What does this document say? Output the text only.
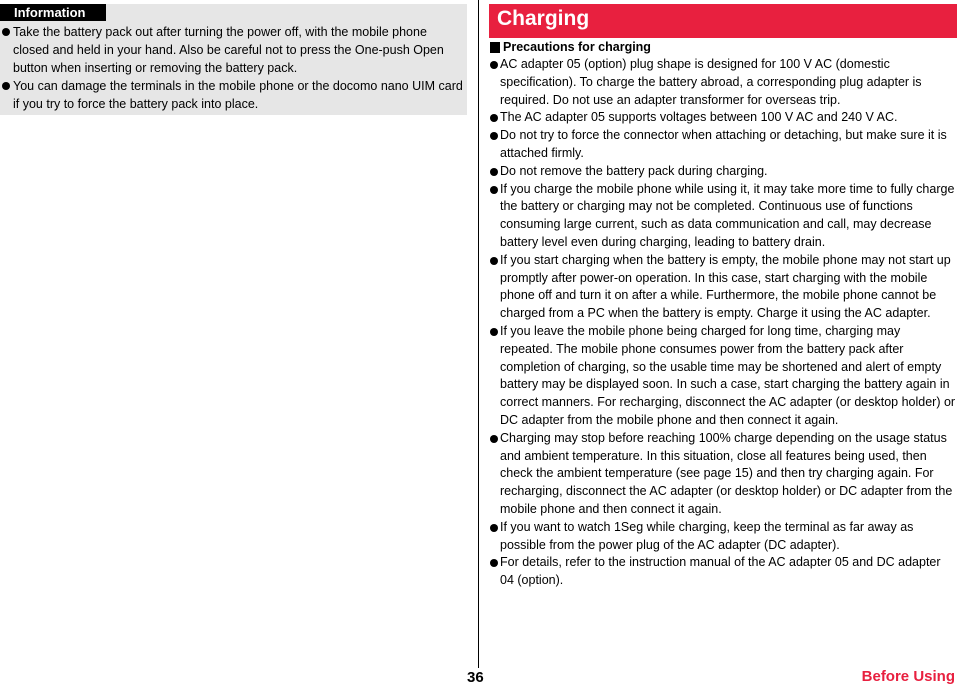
Information
Take the battery pack out after turning the power off, with the mobile phone closed and held in your hand. Also be careful not to press the One-push Open button when inserting or removing the battery pack.
You can damage the terminals in the mobile phone or the docomo nano UIM card if you try to force the battery pack into place.
Charging
Precautions for charging
AC adapter 05 (option) plug shape is designed for 100 V AC (domestic specification). To charge the battery abroad, a corresponding plug adapter is required. Do not use an adapter transformer for overseas trip.
The AC adapter 05 supports voltages between 100 V AC and 240 V AC.
Do not try to force the connector when attaching or detaching, but make sure it is attached firmly.
Do not remove the battery pack during charging.
If you charge the mobile phone while using it, it may take more time to fully charge the battery or charging may not be completed. Continuous use of functions consuming large current, such as data communication and call, may decrease battery level even during charging, leading to battery drain.
If you start charging when the battery is empty, the mobile phone may not start up promptly after power-on operation. In this case, start charging with the mobile phone off and turn it on after a while. Furthermore, the mobile phone cannot be charged from a PC when the battery is empty. Charge it using the AC adapter.
If you leave the mobile phone being charged for long time, charging may repeated. The mobile phone consumes power from the battery pack after completion of charging, so the usable time may be shortened and alert of empty battery may be displayed soon. In such a case, start charging the battery again in correct manners. For recharging, disconnect the AC adapter (or desktop holder) or DC adapter from the mobile phone and then connect it again.
Charging may stop before reaching 100% charge depending on the usage status and ambient temperature. In this situation, close all features being used, then check the ambient temperature (see page 15) and then try charging again. For recharging, disconnect the AC adapter (or desktop holder) or DC adapter from the mobile phone and then connect it again.
If you want to watch 1Seg while charging, keep the terminal as far away as possible from the power plug of the AC adapter (DC adapter).
For details, refer to the instruction manual of the AC adapter 05 and DC adapter 04 (option).
36	Before Using
